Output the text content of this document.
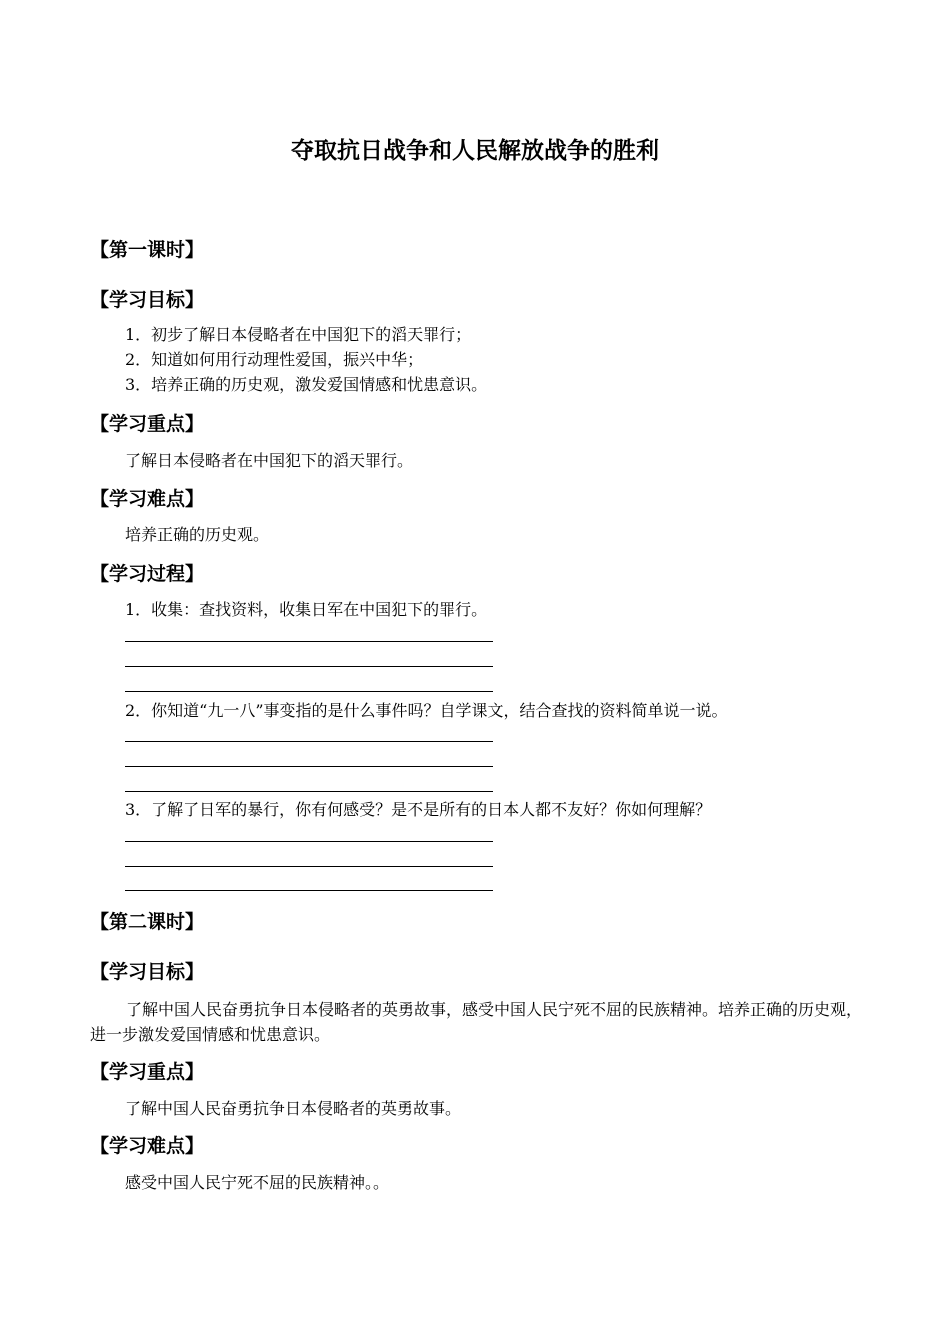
夺取抗日战争和人民解放战争的胜利
【第一课时】
【学习目标】
1．初步了解日本侵略者在中国犯下的滔天罪行；
2．知道如何用行动理性爱国，振兴中华；
3．培养正确的历史观，激发爱国情感和忧患意识。
【学习重点】
了解日本侵略者在中国犯下的滔天罪行。
【学习难点】
培养正确的历史观。
【学习过程】
1．收集：查找资料，收集日军在中国犯下的罪行。
2．你知道“九一八”事变指的是什么事件吗？自学课文，结合查找的资料简单说一说。
3．了解了日军的暴行，你有何感受？是不是所有的日本人都不友好？你如何理解？
【第二课时】
【学习目标】
了解中国人民奋勇抗争日本侵略者的英勇故事，感受中国人民宁死不屈的民族精神。培养正确的历史观，进一步激发爱国情感和忧患意识。
【学习重点】
了解中国人民奋勇抗争日本侵略者的英勇故事。
【学习难点】
感受中国人民宁死不屈的民族精神。。
